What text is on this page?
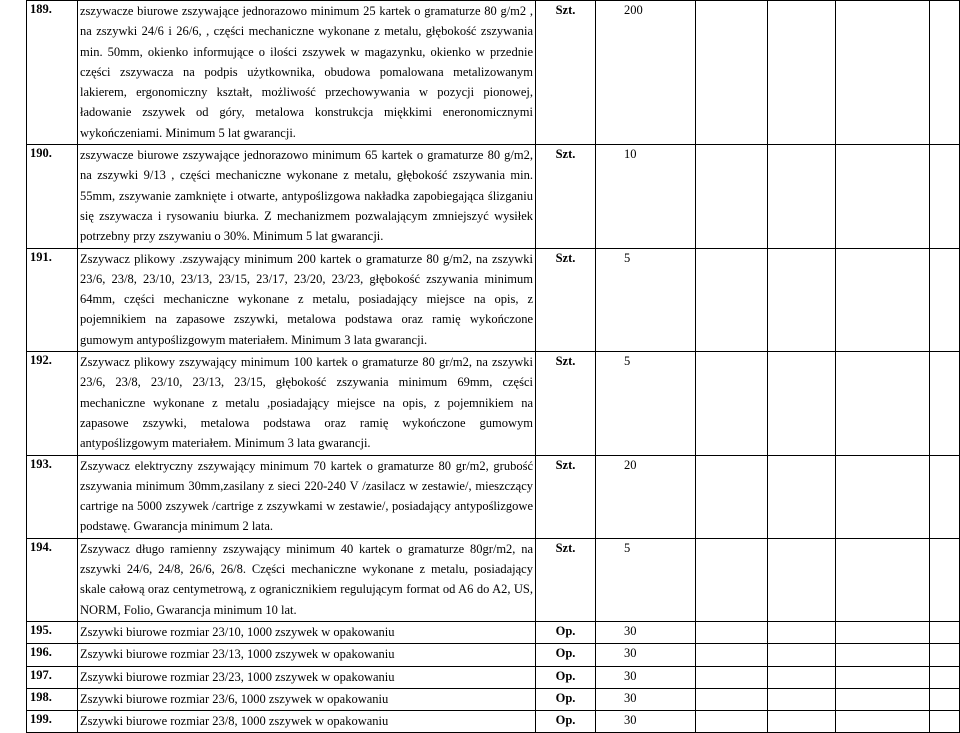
189.	zszywacze biurowe zszywające jednorazowo minimum 25 kartek o gramaturze 80 g/m2 , na zszywki 24/6 i 26/6, , części mechaniczne wykonane z metalu, głębokość zszywania min. 50mm, okienko informujące o ilości zszywek w magazynku, okienko w przednie części zszywacza na podpis użytkownika, obudowa pomalowana metalizowanym lakierem, ergonomiczny kształt, możliwość przechowywania w pozycji pionowej, ładowanie zszywek od góry, metalowa konstrukcja miękkimi eneronomicznymi wykończeniami. Minimum 5 lat gwarancji.	Szt.	200				
190.	zszywacze biurowe zszywające jednorazowo minimum 65 kartek o gramaturze 80 g/m2, na zszywki 9/13 , części mechaniczne wykonane z metalu, głębokość zszywania min. 55mm, zszywanie zamknięte i otwarte, antypoślizgowa nakładka zapobiegająca ślizganiu się zszywacza i rysowaniu biurka. Z mechanizmem pozwalającym zmniejszyć wysiłek potrzebny przy zszywaniu o 30%. Minimum 5 lat gwarancji.	Szt.	10				
191.	Zszywacz plikowy .zszywający minimum 200 kartek o gramaturze 80 g/m2, na zszywki 23/6, 23/8, 23/10, 23/13, 23/15, 23/17, 23/20, 23/23, głębokość zszywania minimum 64mm, części mechaniczne wykonane z metalu, posiadający miejsce na opis, z pojemnikiem na zapasowe zszywki, metalowa podstawa oraz ramię wykończone gumowym antypoślizgowym materiałem. Minimum 3 lata gwarancji.	Szt.	5				
192.	Zszywacz plikowy zszywający minimum 100 kartek o gramaturze 80 gr/m2, na zszywki 23/6, 23/8, 23/10, 23/13, 23/15, głębokość zszywania minimum 69mm, części mechaniczne wykonane z metalu ,posiadający miejsce na opis, z pojemnikiem na zapasowe zszywki, metalowa podstawa oraz ramię wykończone gumowym antypoślizgowym materiałem. Minimum 3 lata gwarancji.	Szt.	5				
193.	Zszywacz elektryczny zszywający minimum 70 kartek o gramaturze 80 gr/m2, grubość zszywania minimum 30mm,zasilany z sieci 220-240 V /zasilacz w zestawie/, mieszczący cartrige na 5000 zszywek /cartrige z zszywkami w zestawie/, posiadający antypoślizgowe podstawę. Gwarancja minimum 2 lata.	Szt.	20				
194.	Zszywacz długo ramienny zszywający minimum 40 kartek o gramaturze 80gr/m2, na zszywki 24/6, 24/8, 26/6, 26/8. Części mechaniczne wykonane z metalu, posiadający skale całową oraz centymetrową, z ogranicznikiem regulującym format od A6 do A2, US, NORM, Folio, Gwarancja minimum 10 lat.	Szt.	5				
195.	Zszywki biurowe rozmiar 23/10, 1000 zszywek w opakowaniu	Op.	30				
196.	Zszywki biurowe rozmiar 23/13, 1000 zszywek w opakowaniu	Op.	30				
197.	Zszywki biurowe rozmiar 23/23, 1000 zszywek w opakowaniu	Op.	30				
198.	Zszywki biurowe rozmiar 23/6, 1000 zszywek w opakowaniu	Op.	30				
199.	Zszywki biurowe rozmiar 23/8, 1000 zszywek w opakowaniu	Op.	30				
